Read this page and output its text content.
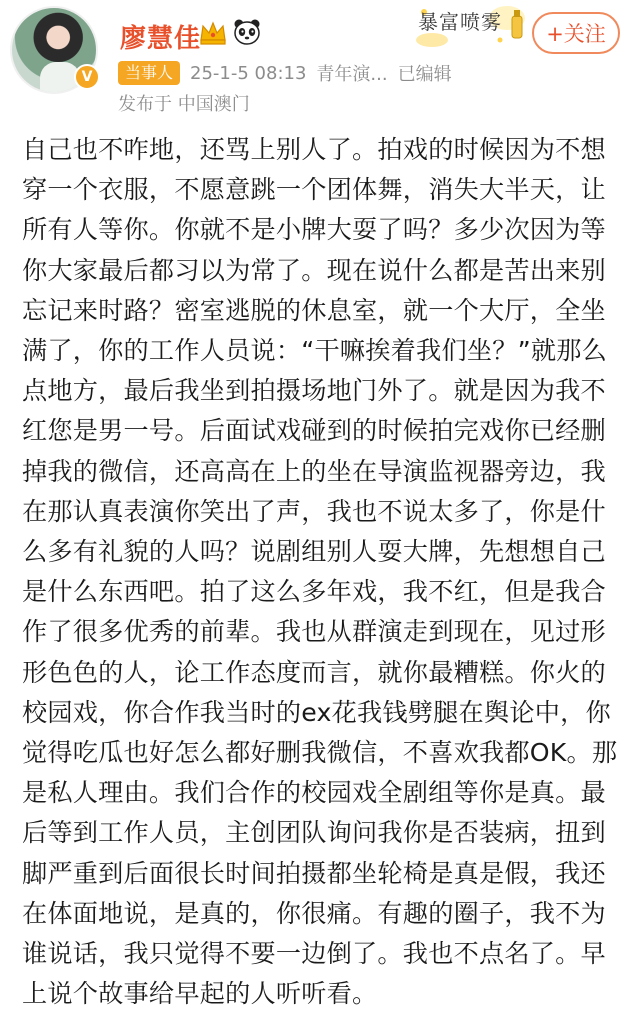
V
廖慧佳
暴富喷雾	+关注
当事人 25-1-5 08:13 青年演... 已编辑
发布于 中国澳门
自己也不咋地，还骂上别人了。拍戏的时候因为不想穿一个衣服，不愿意跳一个团体舞，消失大半天，让所有人等你。你就不是小牌大耍了吗？多少次因为等你大家最后都习以为常了。现在说什么都是苦出来别忘记来时路？密室逃脱的休息室，就一个大厅，全坐满了，你的工作人员说：“干嘛挨着我们坐？”就那么点地方，最后我坐到拍摄场地门外了。就是因为我不红您是男一号。后面试戏碰到的时候拍完戏你已经删掉我的微信，还高高在上的坐在导演监视器旁边，我在那认真表演你笑出了声，我也不说太多了，你是什么多有礼貌的人吗？说剧组别人耍大牌，先想想自己是什么东西吧。拍了这么多年戏，我不红，但是我合作了很多优秀的前辈。我也从群演走到现在，见过形形色色的人，论工作态度而言，就你最糟糕。你火的校园戏，你合作我当时的ex花我钱劈腿在舆论中，你觉得吃瓜也好怎么都好删我微信，不喜欢我都OK。那是私人理由。我们合作的校园戏全剧组等你是真。最后等到工作人员，主创团队询问我你是否装病，扭到脚严重到后面很长时间拍摄都坐轮椅是真是假，我还在体面地说，是真的，你很痛。有趣的圈子，我不为谁说话，我只觉得不要一边倒了。我也不点名了。早上说个故事给早起的人听听看。
